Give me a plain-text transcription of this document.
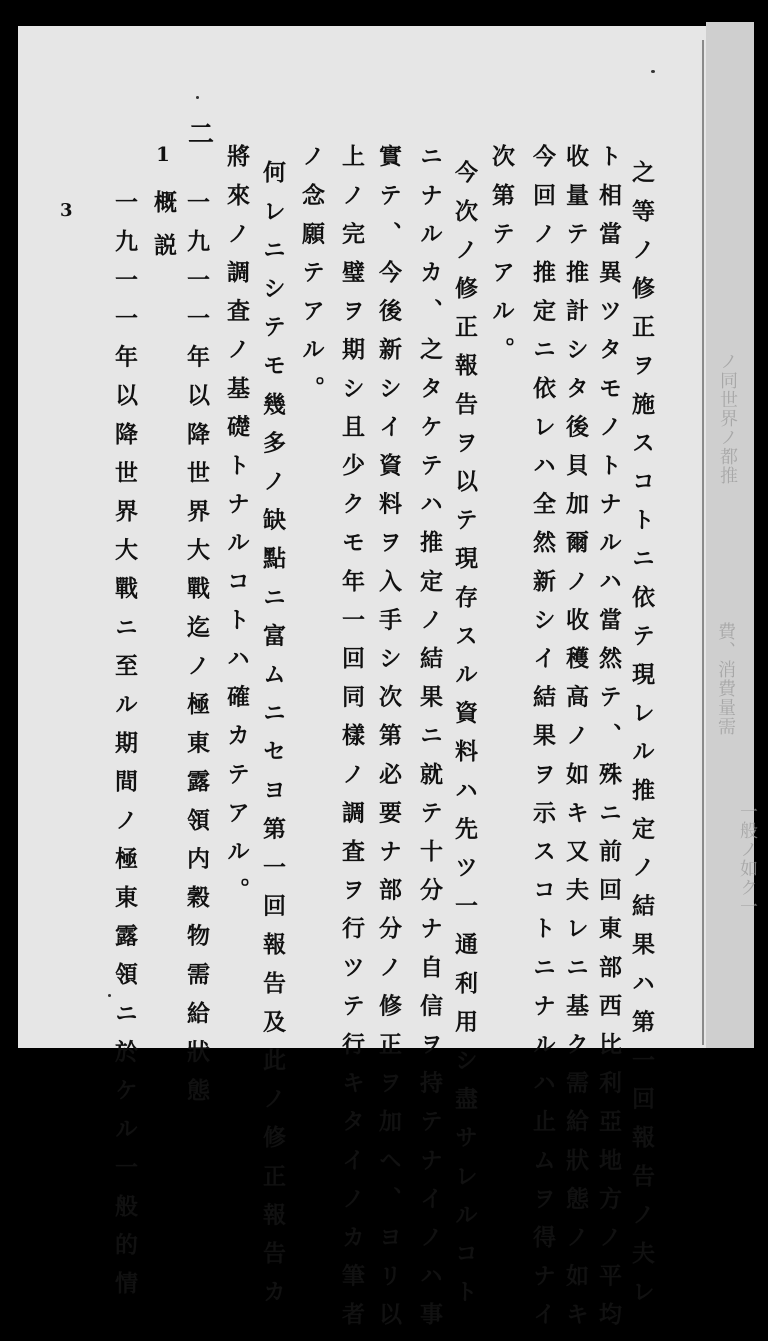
ノ同世界ノ都推
費、消費量需
一般ノ如ク一
3
二
1
概説	之等ノ修正ヲ施スコトニ依テ現レル推定ノ結果ハ第一回報告ノ夫レ
ト相當異ツタモノトナルハ當然テ、殊ニ前回東部西比利亞地方ノ平均
收量テ推計シタ後貝加爾ノ收穫高ノ如キ又夫レニ基ク需給狀態ノ如キ
今回ノ推定ニ依レハ全然新シイ結果ヲ示スコトニナルハ止ムヲ得ナイ
次第テアル。
今次ノ修正報告ヲ以テ現存スル資料ハ先ツ一通利用シ盡サレルコト
ニナルカ、之タケテハ推定ノ結果ニ就テ十分ナ自信ヲ持テナイノハ事
實テ、今後新シイ資料ヲ入手シ次第必要ナ部分ノ修正ヲ加ヘ、ヨリ以
上ノ完璧ヲ期シ且少クモ年一回同樣ノ調査ヲ行ツテ行キタイノカ筆者
ノ念願テアル。
何レニシテモ幾多ノ缺點ニ富ムニセヨ第一回報告及此ノ修正報告カ
將來ノ調査ノ基礎トナルコトハ確カテアル。
一九一一年以降世界大戰迄ノ極東露領内穀物需給狀態
一九一一年以降世界大戰ニ至ル期間ノ極東露領ニ於ケル一般的情
